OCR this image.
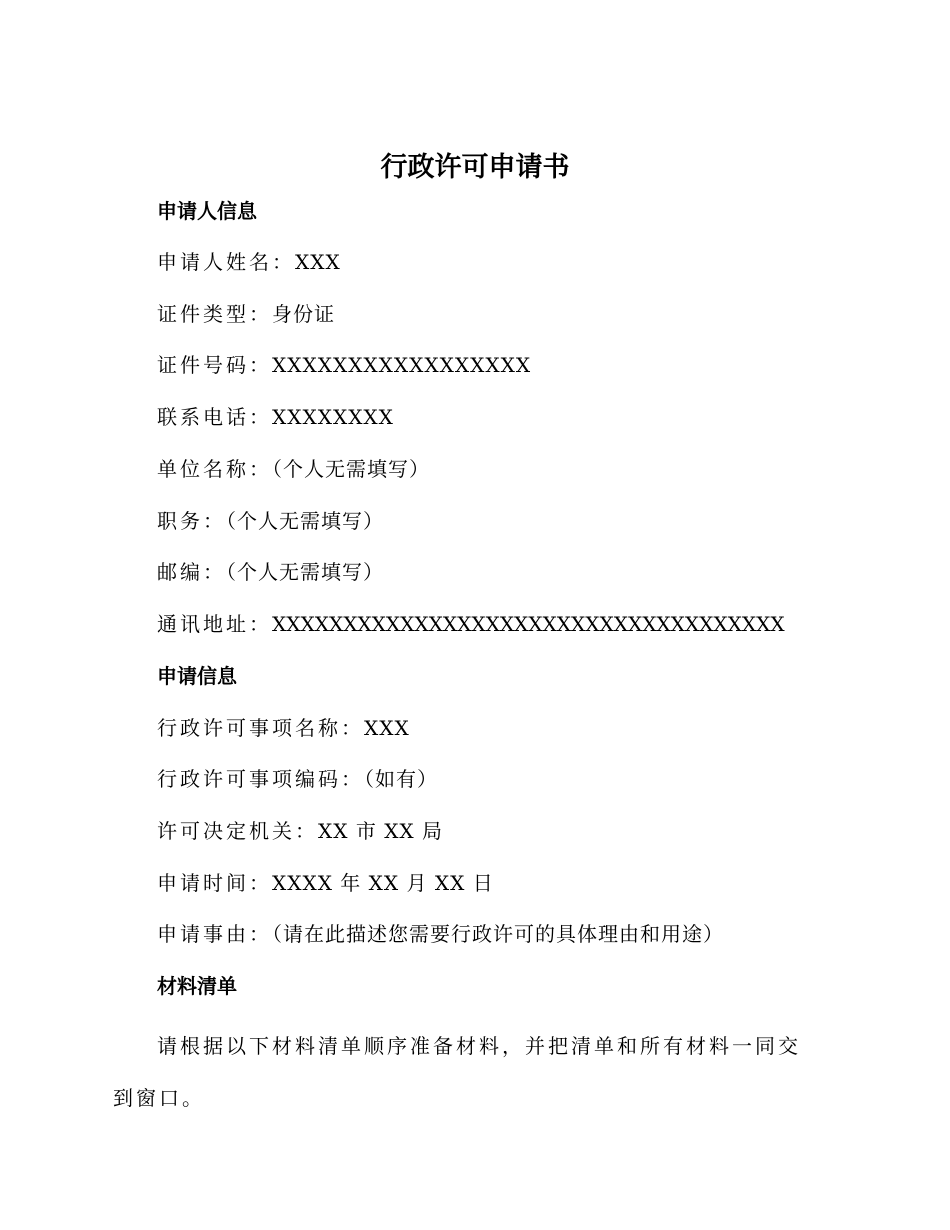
行政许可申请书
申请人信息

申请人姓名：XXX

证件类型：身份证

证件号码：XXXXXXXXXXXXXXXXX

联系电话：XXXXXXXX

单位名称：（个人无需填写）

职务：（个人无需填写）

邮编：（个人无需填写）

通讯地址：XXXXXXXXXXXXXXXXXXXXXXXXXXXXXXXXXXXX

申请信息

行政许可事项名称：XXX

行政许可事项编码：（如有）

许可决定机关：XX 市 XX 局

申请时间：XXXX 年 XX 月 XX 日

申请事由：（请在此描述您需要行政许可的具体理由和用途）

材料清单

请根据以下材料清单顺序准备材料，并把清单和所有材料一同交到窗口。
